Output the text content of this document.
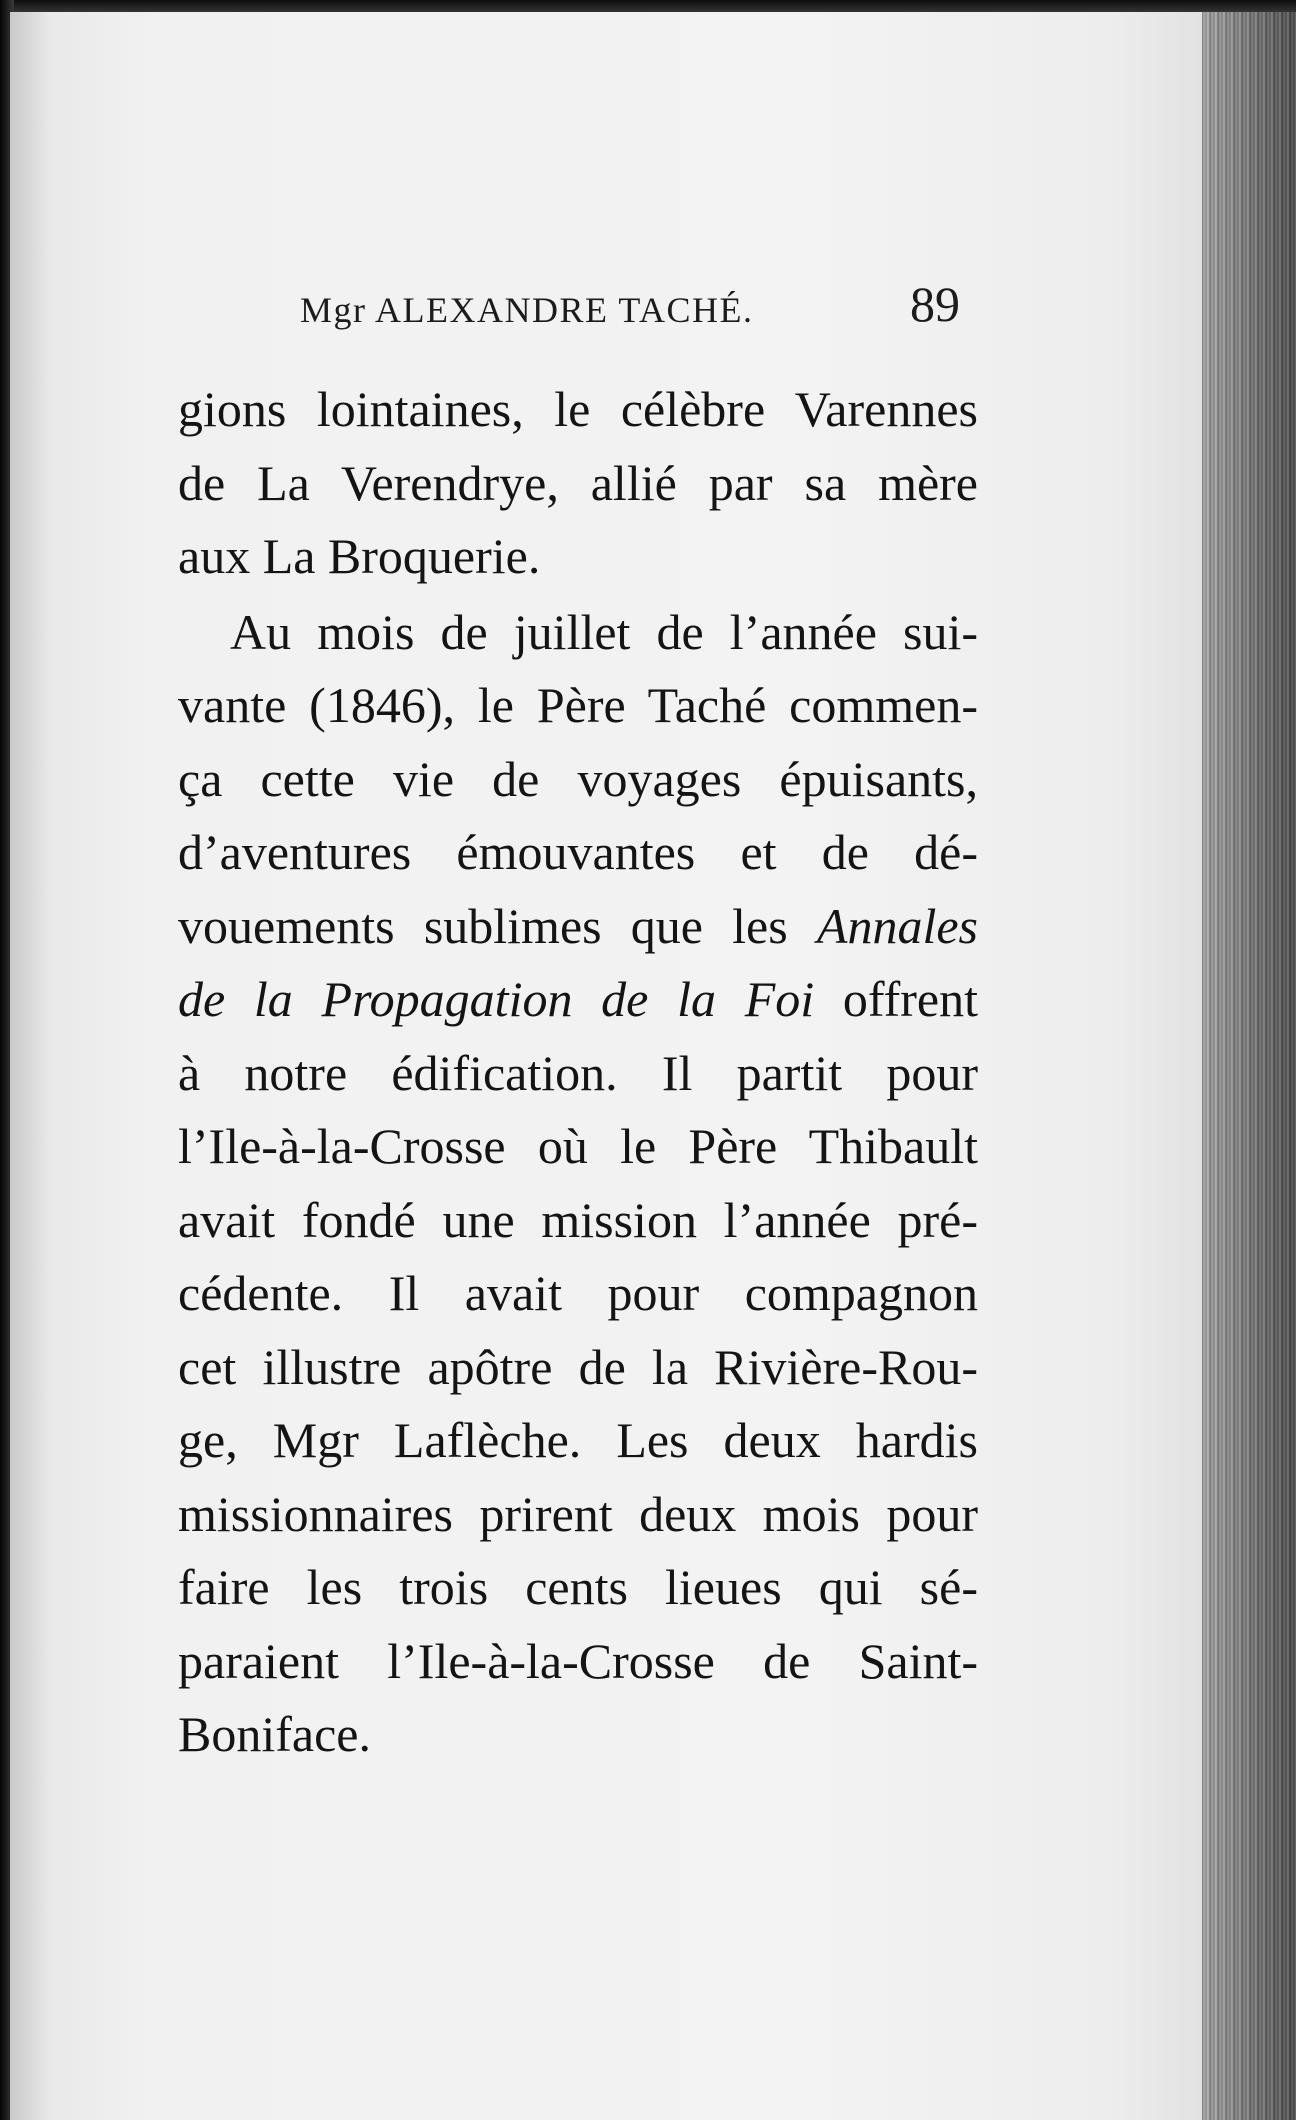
Mgr ALEXANDRE TACHÉ.	89
gions lointaines, le célèbre Varennes
de La Verendrye, allié par sa mère
aux La Broquerie.
Au mois de juillet de l’année sui-
vante (1846), le Père Taché commen-
ça cette vie de voyages épuisants,
d’aventures émouvantes et de dé-
vouements sublimes que les Annales
de la Propagation de la Foi offrent
à notre édification. Il partit pour
l’Ile-à-la-Crosse où le Père Thibault
avait fondé une mission l’année pré-
cédente. Il avait pour compagnon
cet illustre apôtre de la Rivière-Rou-
ge, Mgr Laflèche. Les deux hardis
missionnaires prirent deux mois pour
faire les trois cents lieues qui sé-
paraient l’Ile-à-la-Crosse de Saint-
Boniface.
